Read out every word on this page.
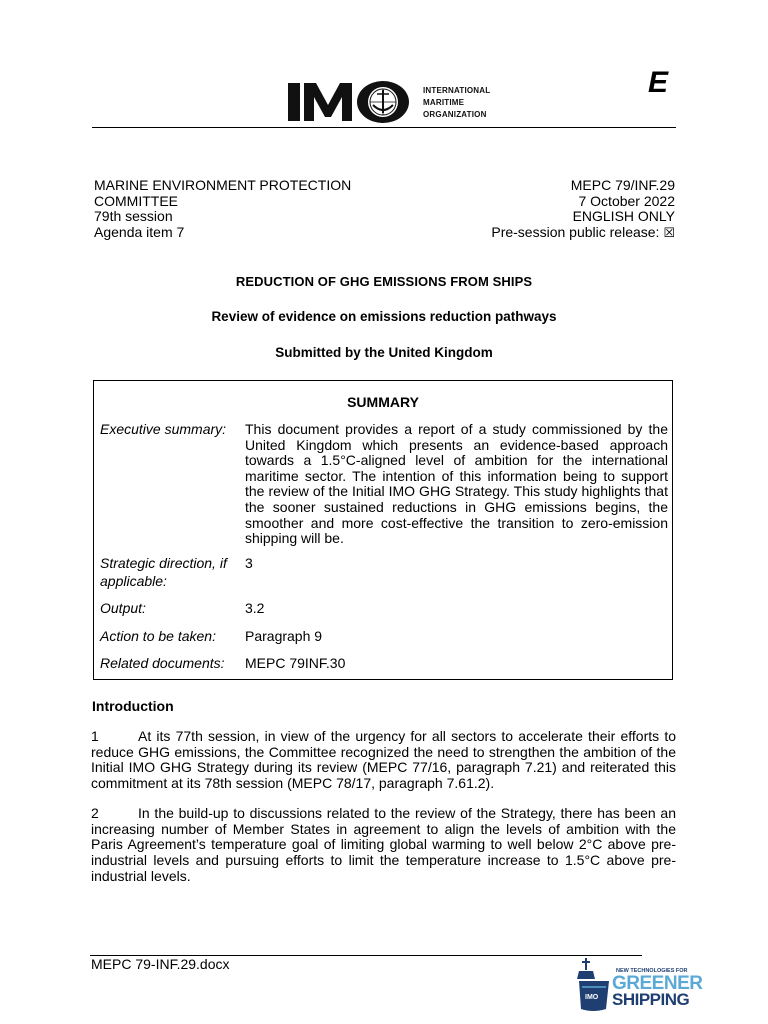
INTERNATIONAL
MARITIME
ORGANIZATION
E
MARINE ENVIRONMENT PROTECTION
COMMITTEE
79th session
Agenda item 7
MEPC 79/INF.29
7 October 2022
ENGLISH ONLY
Pre-session public release: ☒
REDUCTION OF GHG EMISSIONS FROM SHIPS
Review of evidence on emissions reduction pathways
Submitted by the United Kingdom
SUMMARY
Executive summary:	This document provides a report of a study commissioned by the United Kingdom which presents an evidence-based approach towards a 1.5°C-aligned level of ambition for the international maritime sector. The intention of this information being to support the review of the Initial IMO GHG Strategy. This study highlights that the sooner sustained reductions in GHG emissions begins, the smoother and more cost-effective the transition to zero-emission shipping will be.
Strategic direction, if applicable:
3
Output:	3.2
Action to be taken:	Paragraph 9
Related documents:	MEPC 79INF.30
Introduction
1	At its 77th session, in view of the urgency for all sectors to accelerate their efforts to reduce GHG emissions, the Committee recognized the need to strengthen the ambition of the Initial IMO GHG Strategy during its review (MEPC 77/16, paragraph 7.21) and reiterated this commitment at its 78th session (MEPC 78/17, paragraph 7.61.2).
2	In the build-up to discussions related to the review of the Strategy, there has been an increasing number of Member States in agreement to align the levels of ambition with the Paris Agreement’s temperature goal of limiting global warming to well below 2°C above pre-industrial levels and pursuing efforts to limit the temperature increase to 1.5°C above pre-industrial levels.
MEPC 79-INF.29.docx
IMO
NEW TECHNOLOGIES FOR
GREENER
SHIPPING
